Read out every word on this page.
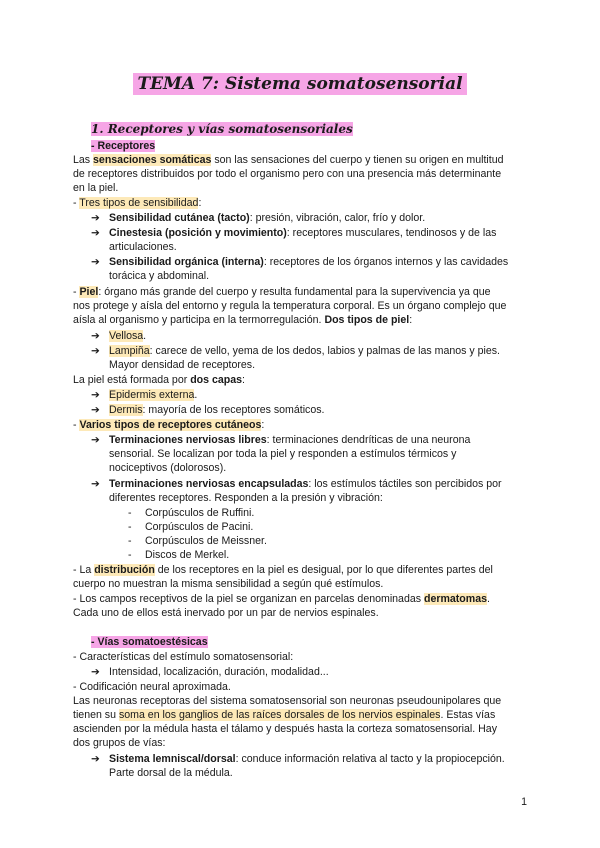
TEMA 7: Sistema somatosensorial
1. Receptores y vías somatosensoriales
- Receptores
Las sensaciones somáticas son las sensaciones del cuerpo y tienen su origen en multitud
de receptores distribuidos por todo el organismo pero con una presencia más determinante
en la piel.
- Tres tipos de sensibilidad:
➔ Sensibilidad cutánea (tacto): presión, vibración, calor, frío y dolor.
➔ Cinestesia (posición y movimiento): receptores musculares, tendinosos y de las
articulaciones.
➔ Sensibilidad orgánica (interna): receptores de los órganos internos y las cavidades
torácica y abdominal.
- Piel: órgano más grande del cuerpo y resulta fundamental para la supervivencia ya que
nos protege y aísla del entorno y regula la temperatura corporal. Es un órgano complejo que
aísla al organismo y participa en la termorregulación. Dos tipos de piel:
➔ Vellosa.
➔ Lampiña: carece de vello, yema de los dedos, labios y palmas de las manos y pies.
Mayor densidad de receptores.
La piel está formada por dos capas:
➔ Epidermis externa.
➔ Dermis: mayoría de los receptores somáticos.
- Varios tipos de receptores cutáneos:
➔ Terminaciones nerviosas libres: terminaciones dendríticas de una neurona
sensorial. Se localizan por toda la piel y responden a estímulos térmicos y
nociceptivos (dolorosos).
➔ Terminaciones nerviosas encapsuladas: los estímulos táctiles son percibidos por
diferentes receptores. Responden a la presión y vibración:
- Corpúsculos de Ruffini.
- Corpúsculos de Pacini.
- Corpúsculos de Meissner.
- Discos de Merkel.
- La distribución de los receptores en la piel es desigual, por lo que diferentes partes del
cuerpo no muestran la misma sensibilidad a según qué estímulos.
- Los campos receptivos de la piel se organizan en parcelas denominadas dermatomas.
Cada uno de ellos está inervado por un par de nervios espinales.
- Vías somatoestésicas
- Características del estímulo somatosensorial:
➔ Intensidad, localización, duración, modalidad...
- Codificación neural aproximada.
Las neuronas receptoras del sistema somatosensorial son neuronas pseudounipolares que
tienen su soma en los ganglios de las raíces dorsales de los nervios espinales. Estas vías
ascienden por la médula hasta el tálamo y después hasta la corteza somatosensorial. Hay
dos grupos de vías:
➔ Sistema lemniscal/dorsal: conduce información relativa al tacto y la propiocepción.
Parte dorsal de la médula.
1
